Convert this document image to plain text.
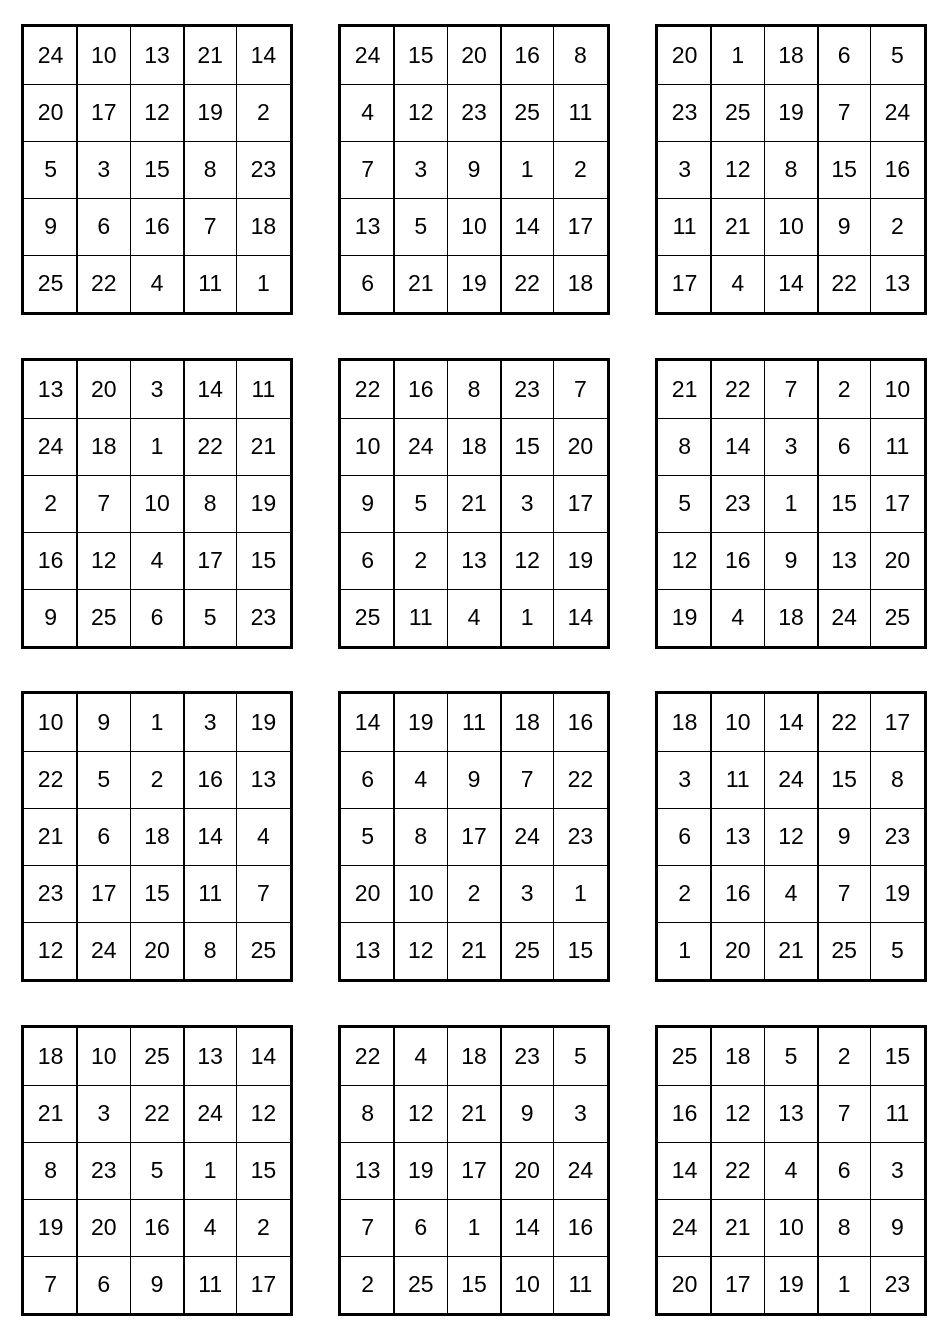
24	10	13	21	14
20	17	12	19	2
5	3	15	8	23
9	6	16	7	18
25	22	4	11	1
24	15	20	16	8
4	12	23	25	11
7	3	9	1	2
13	5	10	14	17
6	21	19	22	18
20	1	18	6	5
23	25	19	7	24
3	12	8	15	16
11	21	10	9	2
17	4	14	22	13
13	20	3	14	11
24	18	1	22	21
2	7	10	8	19
16	12	4	17	15
9	25	6	5	23
22	16	8	23	7
10	24	18	15	20
9	5	21	3	17
6	2	13	12	19
25	11	4	1	14
21	22	7	2	10
8	14	3	6	11
5	23	1	15	17
12	16	9	13	20
19	4	18	24	25
10	9	1	3	19
22	5	2	16	13
21	6	18	14	4
23	17	15	11	7
12	24	20	8	25
14	19	11	18	16
6	4	9	7	22
5	8	17	24	23
20	10	2	3	1
13	12	21	25	15
18	10	14	22	17
3	11	24	15	8
6	13	12	9	23
2	16	4	7	19
1	20	21	25	5
18	10	25	13	14
21	3	22	24	12
8	23	5	1	15
19	20	16	4	2
7	6	9	11	17
22	4	18	23	5
8	12	21	9	3
13	19	17	20	24
7	6	1	14	16
2	25	15	10	11
25	18	5	2	15
16	12	13	7	11
14	22	4	6	3
24	21	10	8	9
20	17	19	1	23
